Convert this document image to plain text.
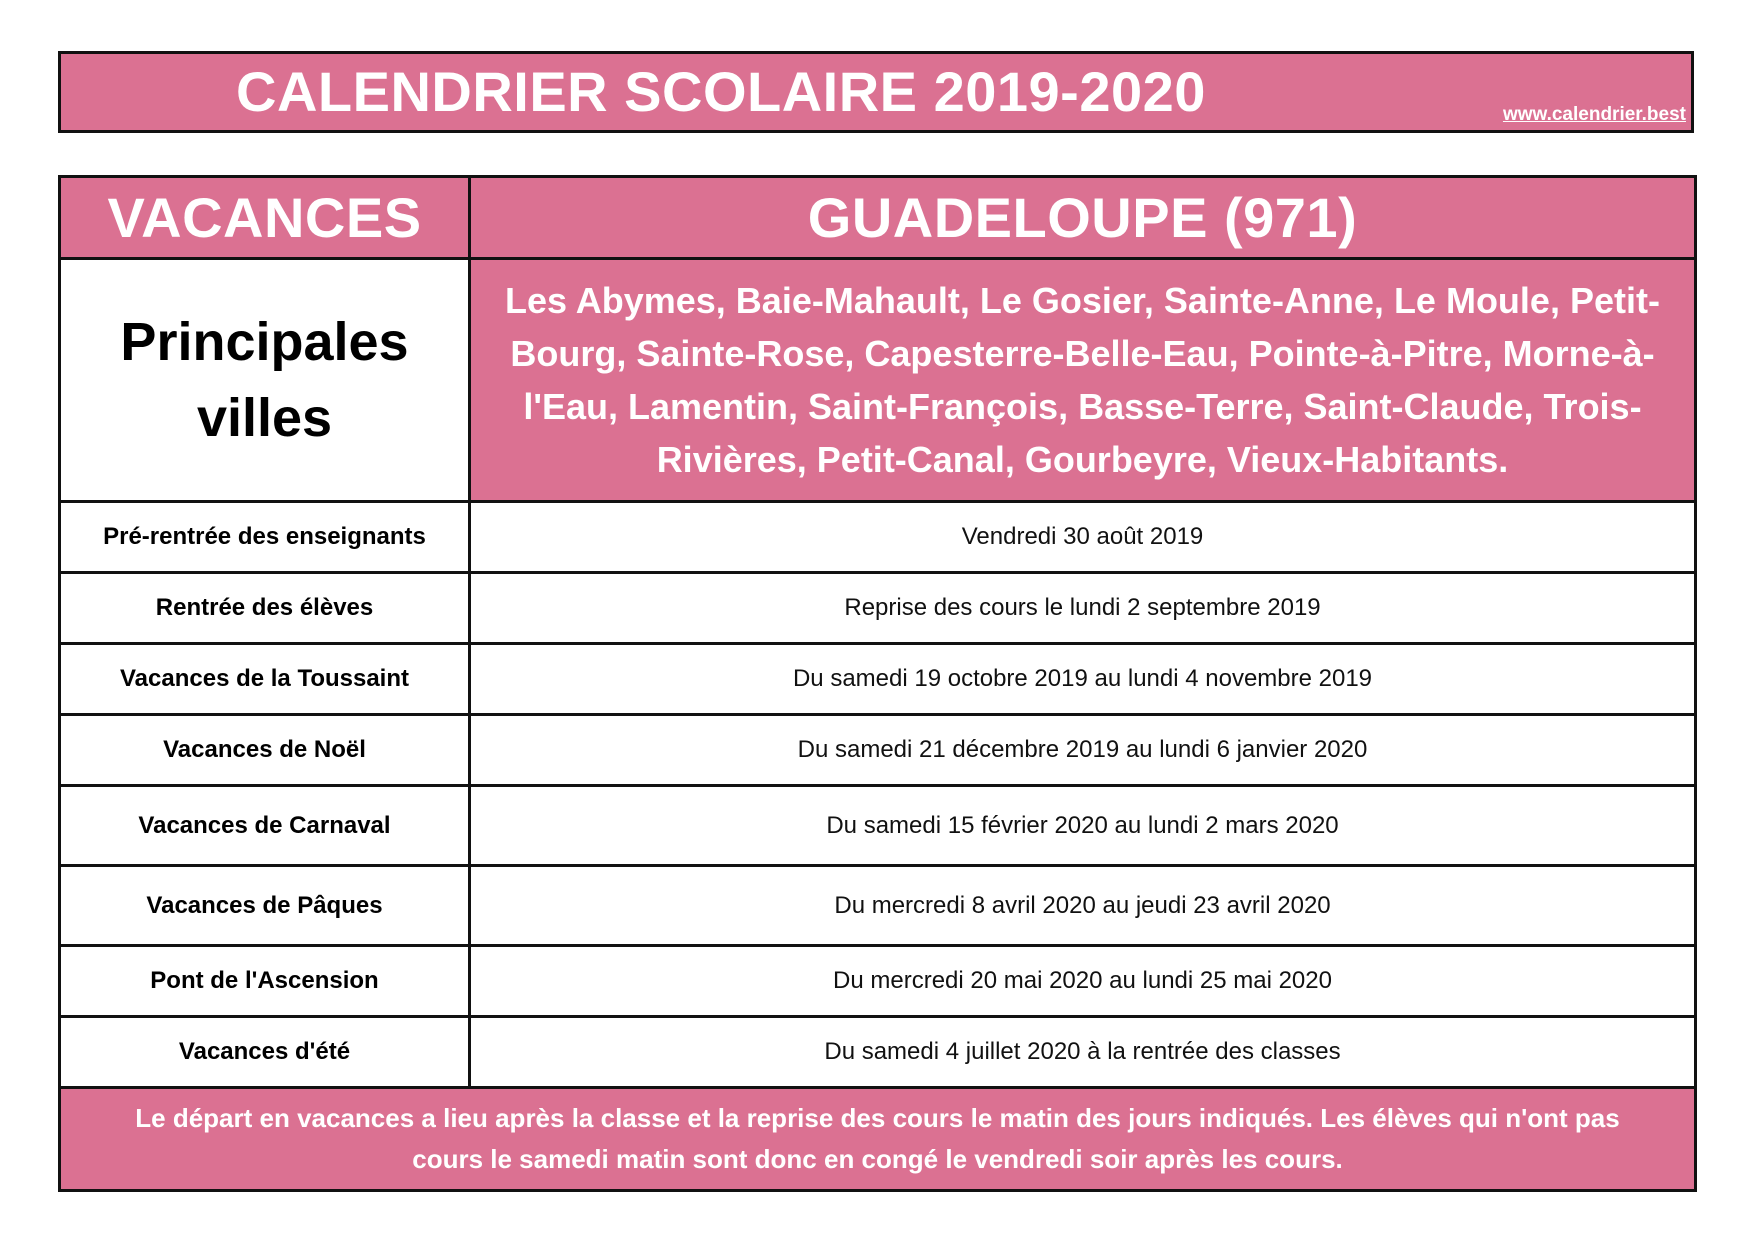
CALENDRIER SCOLAIRE 2019-2020	www.calendrier.best
VACANCES	GUADELOUPE (971)

Principales
villes	Les Abymes, Baie-Mahault, Le Gosier, Sainte-Anne, Le Moule, Petit-Bourg, Sainte-Rose, Capesterre-Belle-Eau, Pointe-à-Pitre, Morne-à-l'Eau, Lamentin, Saint-François, Basse-Terre, Saint-Claude, Trois-Rivières, Petit-Canal, Gourbeyre, Vieux-Habitants.
Pré-rentrée des enseignants	Vendredi 30 août 2019
Rentrée des élèves	Reprise des cours le lundi 2 septembre 2019
Vacances de la Toussaint	Du samedi 19 octobre 2019 au lundi 4 novembre 2019
Vacances de Noël	Du samedi 21 décembre 2019 au lundi 6 janvier 2020
Vacances de Carnaval	Du samedi 15 février 2020 au lundi 2 mars 2020
Vacances de Pâques	Du mercredi 8 avril 2020 au jeudi 23 avril 2020
Pont de l'Ascension	Du mercredi 20 mai 2020 au lundi 25 mai 2020
Vacances d'été	Du samedi 4 juillet 2020 à la rentrée des classes

Le départ en vacances a lieu après la classe et la reprise des cours le matin des jours indiqués. Les élèves qui n'ont pas
cours le samedi matin sont donc en congé le vendredi soir après les cours.	
